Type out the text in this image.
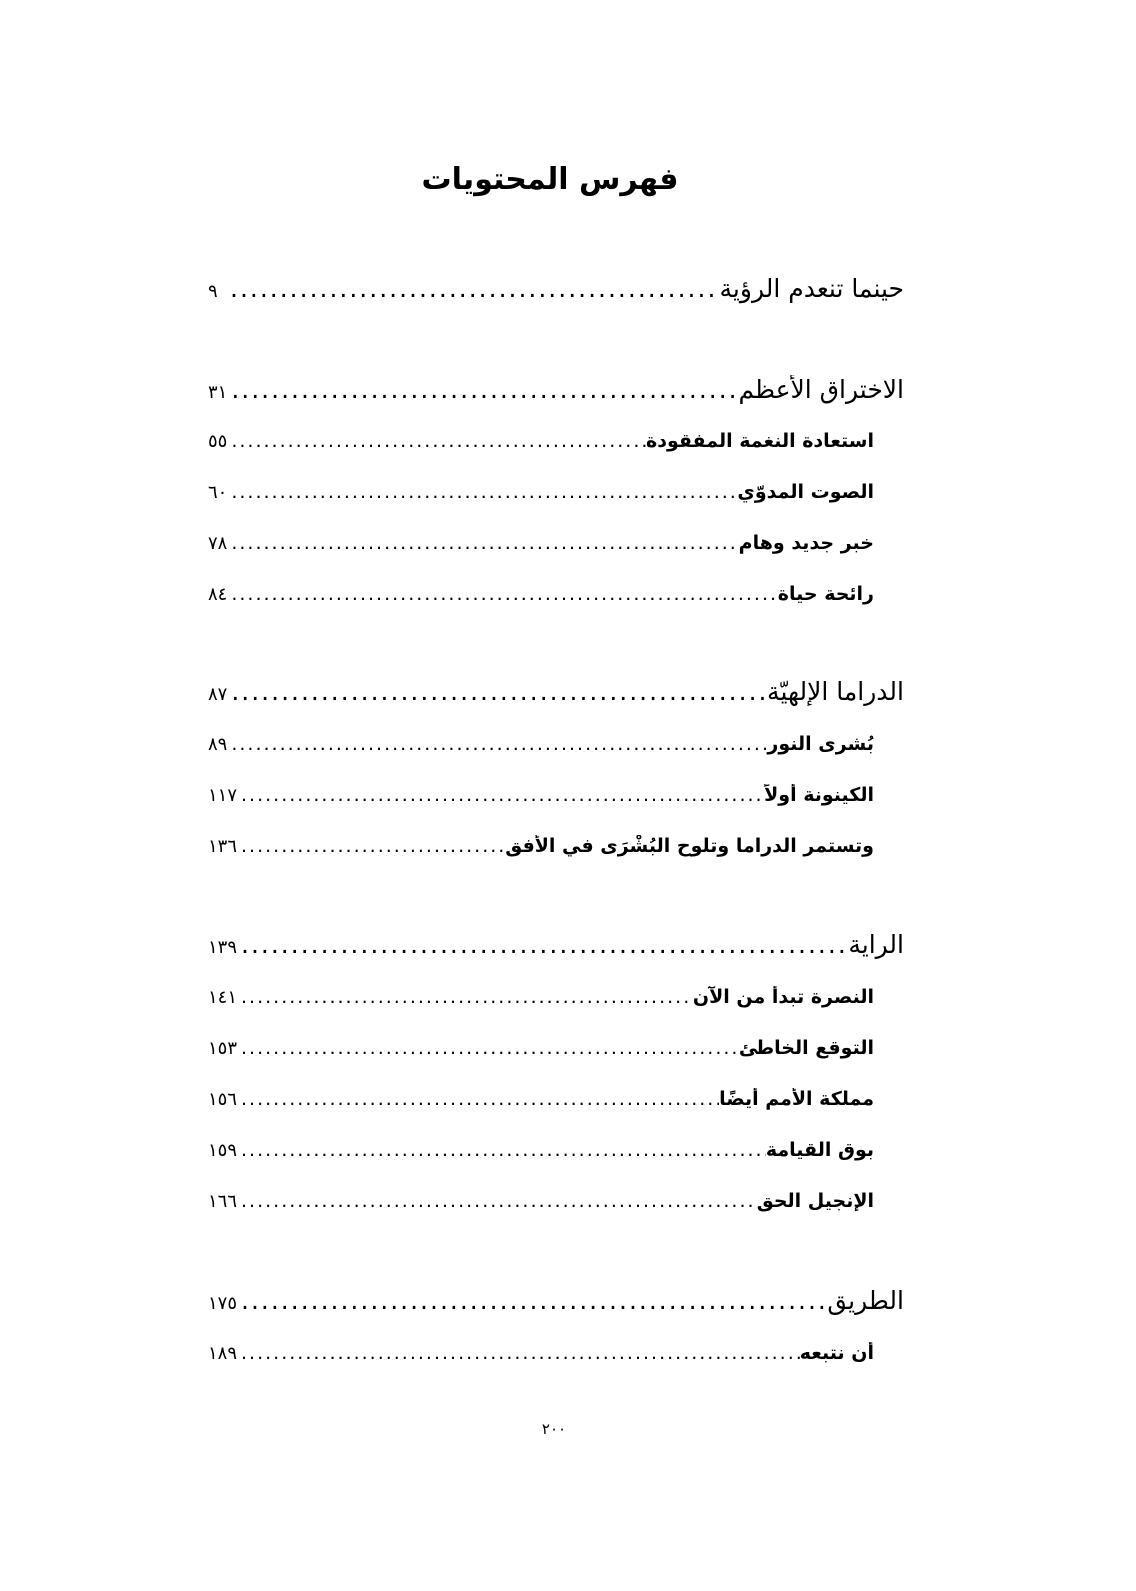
فهرس المحتويات
حينما تنعدم الرؤية
.....
٩
الاختراق الأعظم
.....
٣١
استعادة النغمة المفقودة
.....
٥٥
الصوت المدوّي
.....
٦٠
خبر جديد وهام
.....
٧٨
رائحة حياة
.....
٨٤
الدراما الإلهيّة
.....
٨٧
بُشرى النور
.....
٨٩
الكينونة أولاً
.....
١١٧
وتستمر الدراما وتلوح البُشْرَى في الأفق
.....
١٣٦
الراية
.....
١٣٩
النصرة تبدأ من الآن
.....
١٤١
التوقع الخاطئ
.....
١٥٣
مملكة الأمم أيضًا
.....
١٥٦
بوق القيامة
.....
١٥٩
الإنجيل الحق
.....
١٦٦
الطريق
.....
١٧٥
أن نتبعه
.....
١٨٩
٢٠٠
